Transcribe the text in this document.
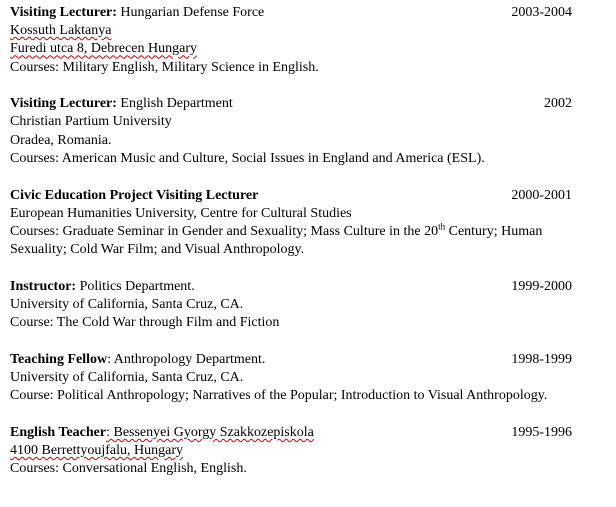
Visiting Lecturer: Hungarian Defense Force	2003-2004
Kossuth Laktanya
Furedi utca 8, Debrecen Hungary
Courses: Military English, Military Science in English.
Visiting Lecturer: English Department	2002
Christian Partium University
Oradea, Romania.
Courses: American Music and Culture, Social Issues in England and America (ESL).
Civic Education Project Visiting Lecturer	2000-2001
European Humanities University, Centre for Cultural Studies
Courses: Graduate Seminar in Gender and Sexuality; Mass Culture in the 20th Century; Human Sexuality; Cold War Film; and Visual Anthropology.
Instructor: Politics Department.	1999-2000
University of California, Santa Cruz, CA.
Course: The Cold War through Film and Fiction
Teaching Fellow: Anthropology Department.	1998-1999
University of California, Santa Cruz, CA.
Course: Political Anthropology; Narratives of the Popular; Introduction to Visual Anthropology.
English Teacher: Bessenyei Gyorgy Szakkozepiskola	1995-1996
4100 Berrettyoujfalu, Hungary
Courses: Conversational English, English.
